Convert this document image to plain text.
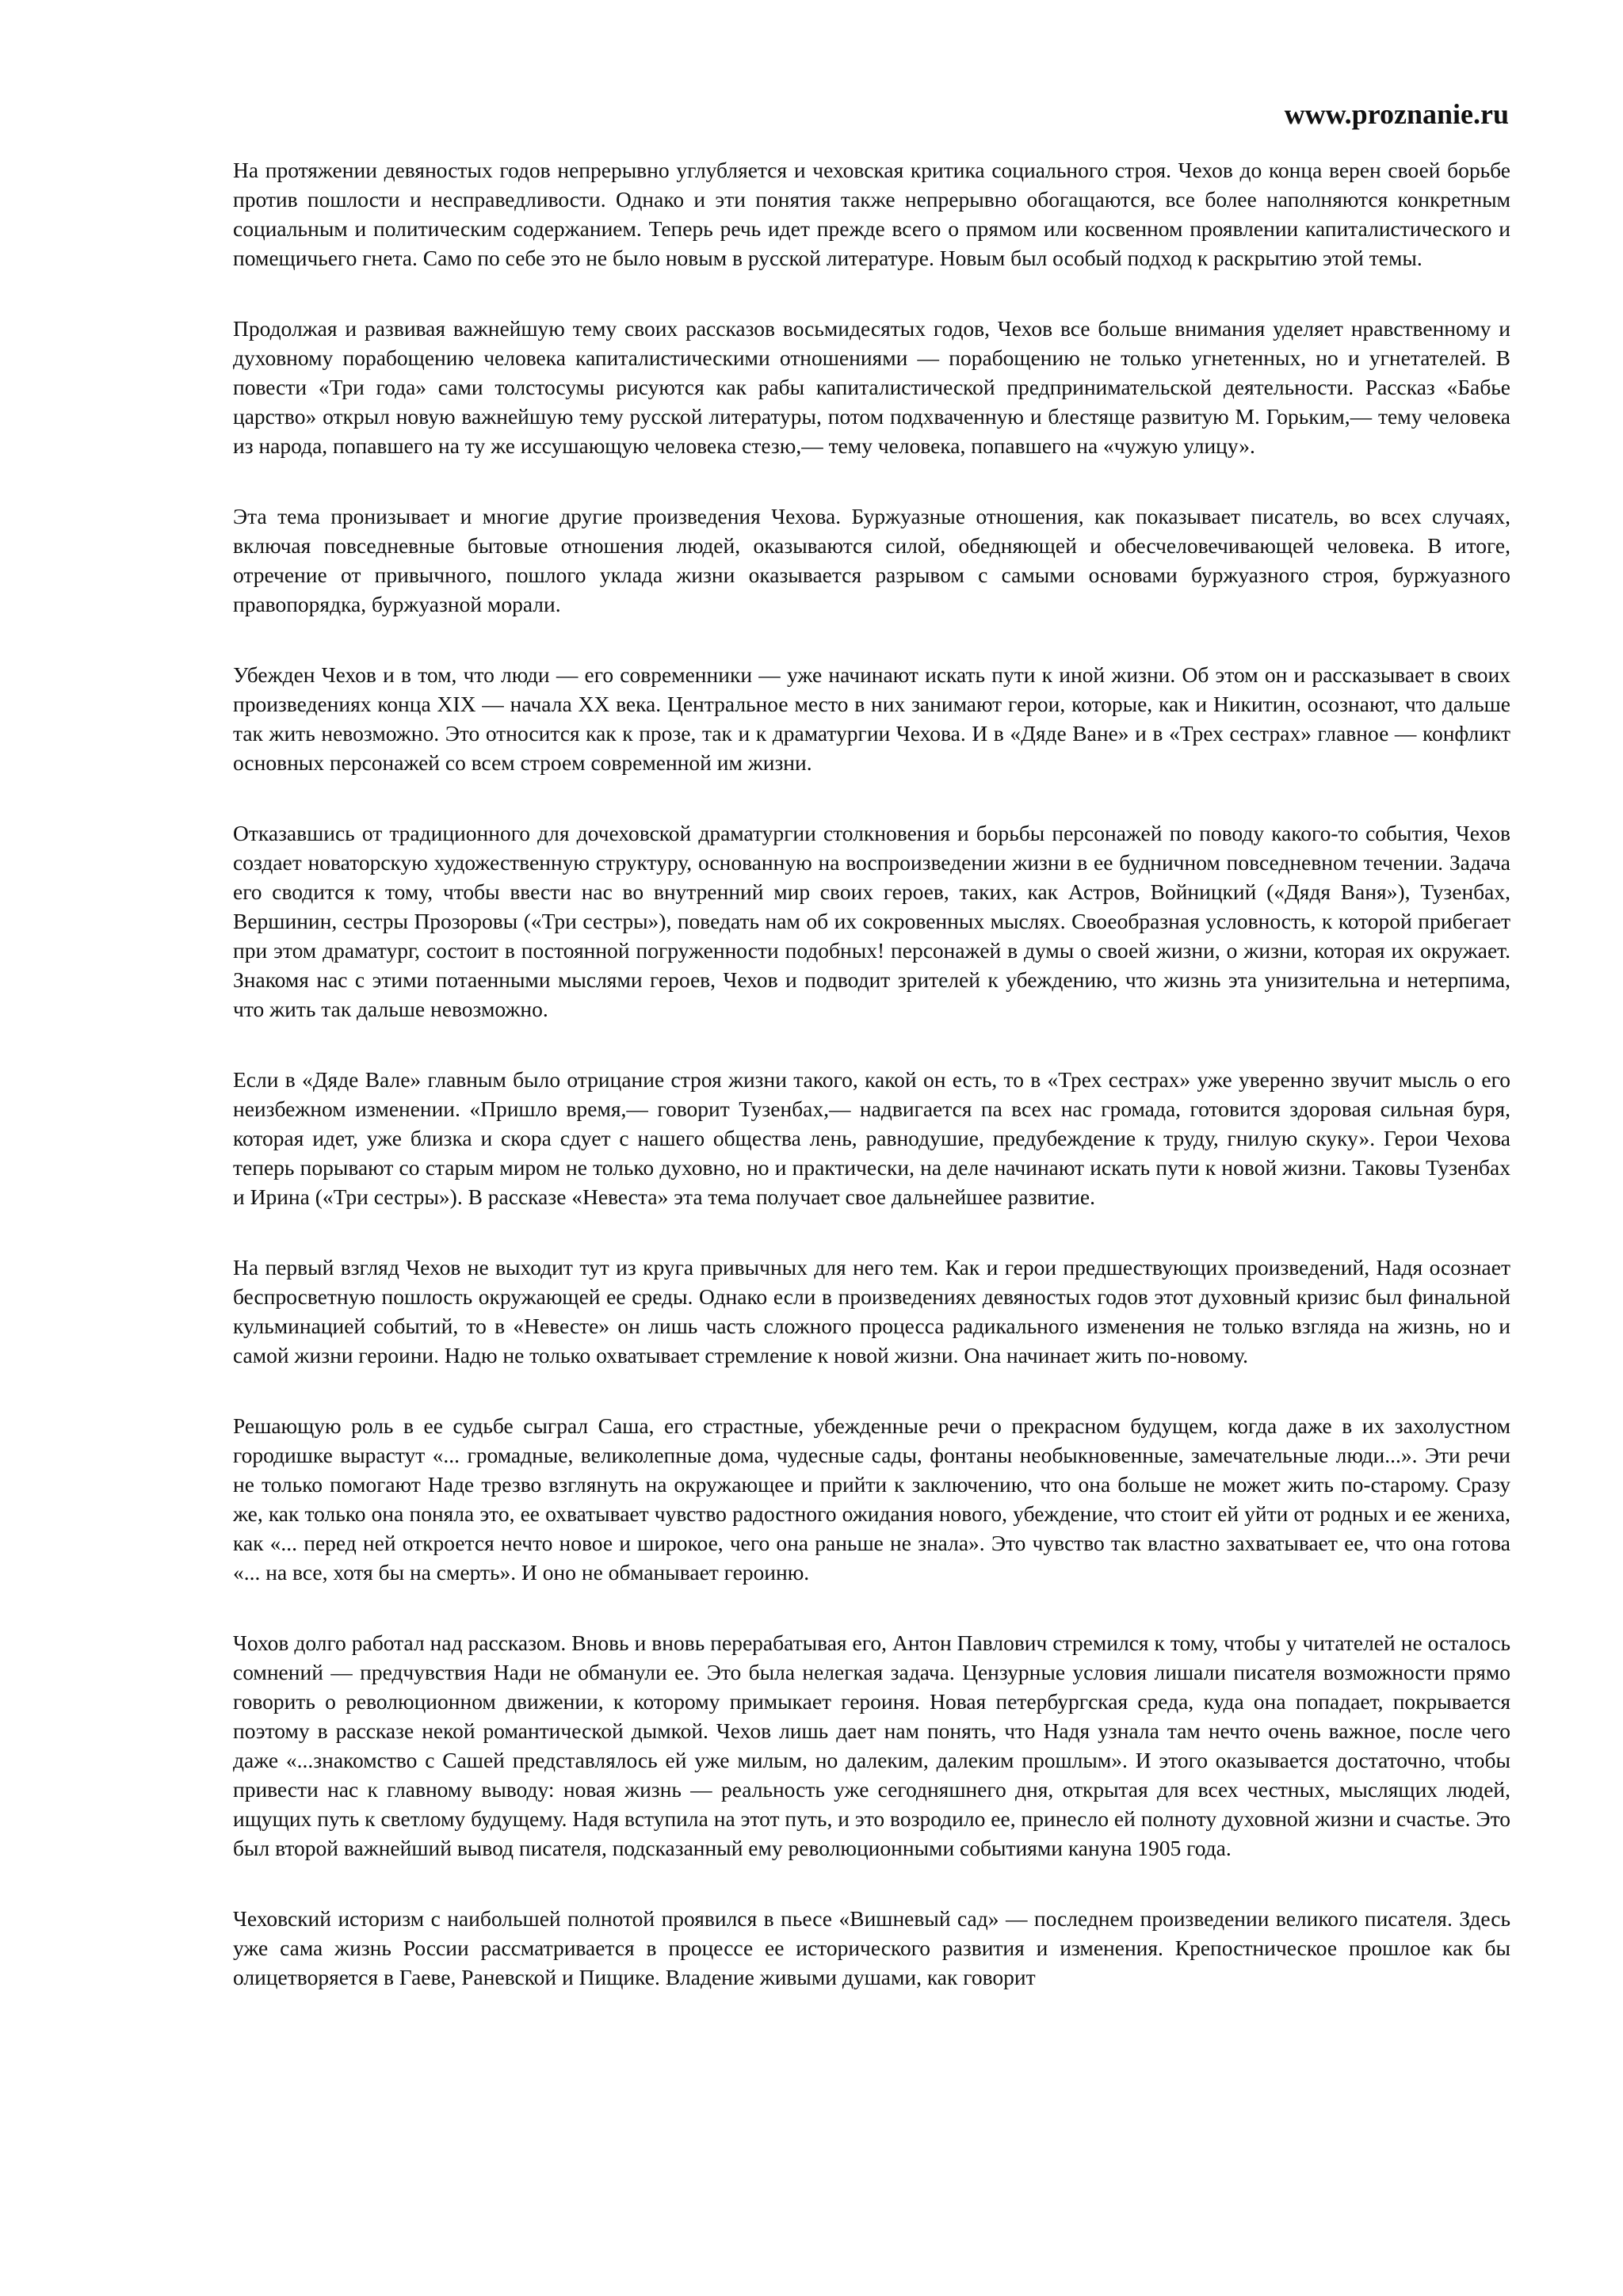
www.proznanie.ru

На протяжении девяностых годов непрерывно углубляется и чеховская критика социального строя. Чехов до конца верен своей борьбе против пошлости и несправедливости. Однако и эти понятия также непрерывно обогащаются, все более наполняются конкретным социальным и политическим содержанием. Теперь речь идет прежде всего о прямом или косвенном проявлении капиталистического и помещичьего гнета. Само по себе это не было новым в русской литературе. Новым был особый подход к раскрытию этой темы.

Продолжая и развивая важнейшую тему своих рассказов восьмидесятых годов, Чехов все больше внимания уделяет нравственному и духовному порабощению человека капиталистическими отношениями — порабощению не только угнетенных, но и угнетателей. В повести «Три года» сами толстосумы рисуются как рабы капиталистической предпринимательской деятельности. Рассказ «Бабье царство» открыл новую важнейшую тему русской литературы, потом подхваченную и блестяще развитую М. Горьким,— тему человека из народа, попавшего на ту же иссушающую человека стезю,— тему человека, попавшего на «чужую улицу».

Эта тема пронизывает и многие другие произведения Чехова. Буржуазные отношения, как показывает писатель, во всех случаях, включая повседневные бытовые отношения людей, оказываются силой, обедняющей и обесчеловечивающей человека. В итоге, отречение от привычного, пошлого уклада жизни оказывается разрывом с самыми основами буржуазного строя, буржуазного правопорядка, буржуазной морали.

Убежден Чехов и в том, что люди — его современники — уже начинают искать пути к иной жизни. Об этом он и рассказывает в своих произведениях конца XIX — начала XX века. Центральное место в них занимают герои, которые, как и Никитин, осознают, что дальше так жить невозможно. Это относится как к прозе, так и к драматургии Чехова. И в «Дяде Ване» и в «Трех сестрах» главное — конфликт основных персонажей со всем строем современной им жизни.

Отказавшись от традиционного для дочеховской драматургии столкновения и борьбы персонажей по поводу какого-то события, Чехов создает новаторскую художественную структуру, основанную на воспроизведении жизни в ее будничном повседневном течении. Задача его сводится к тому, чтобы ввести нас во внутренний мир своих героев, таких, как Астров, Войницкий («Дядя Ваня»), Тузенбах, Вершинин, сестры Прозоровы («Три сестры»), поведать нам об их сокровенных мыслях. Своеобразная условность, к которой прибегает при этом драматург, состоит в постоянной погруженности подобных! персонажей в думы о своей жизни, о жизни, которая их окружает. Знакомя нас с этими потаенными мыслями героев, Чехов и подводит зрителей к убеждению, что жизнь эта унизительна и нетерпима, что жить так дальше невозможно.

Если в «Дяде Вале» главным было отрицание строя жизни такого, какой он есть, то в «Трех сестрах» уже уверенно звучит мысль о его неизбежном изменении. «Пришло время,— говорит Тузенбах,— надвигается па всех нас громада, готовится здоровая сильная буря, которая идет, уже близка и скора сдует с нашего общества лень, равнодушие, предубеждение к труду, гнилую скуку». Герои Чехова теперь порывают со старым миром не только духовно, но и практически, на деле начинают искать пути к новой жизни. Таковы Тузенбах и Ирина («Три сестры»). В рассказе «Невеста» эта тема получает свое дальнейшее развитие.

На первый взгляд Чехов не выходит тут из круга привычных для него тем. Как и герои предшествующих произведений, Надя осознает беспросветную пошлость окружающей ее среды. Однако если в произведениях девяностых годов этот духовный кризис был финальной кульминацией событий, то в «Невесте» он лишь часть сложного процесса радикального изменения не только взгляда на жизнь, но и самой жизни героини. Надю не только охватывает стремление к новой жизни. Она начинает жить по-новому.

Решающую роль в ее судьбе сыграл Саша, его страстные, убежденные речи о прекрасном будущем, когда даже в их захолустном городишке вырастут «... громадные, великолепные дома, чудесные сады, фонтаны необыкновенные, замечательные люди...». Эти речи не только помогают Наде трезво взглянуть на окружающее и прийти к заключению, что она больше не может жить по-старому. Сразу же, как только она поняла это, ее охватывает чувство радостного ожидания нового, убеждение, что стоит ей уйти от родных и ее жениха, как «... перед ней откроется нечто новое и широкое, чего она раньше не знала». Это чувство так властно захватывает ее, что она готова «... на все, хотя бы на смерть». И оно не обманывает героиню.

Чохов долго работал над рассказом. Вновь и вновь перерабатывая его, Антон Павлович стремился к тому, чтобы у читателей не осталось сомнений — предчувствия Нади не обманули ее. Это была нелегкая задача. Цензурные условия лишали писателя возможности прямо говорить о революционном движении, к которому примыкает героиня. Новая петербургская среда, куда она попадает, покрывается поэтому в рассказе некой романтической дымкой. Чехов лишь дает нам понять, что Надя узнала там нечто очень важное, после чего даже «...знакомство с Сашей представлялось ей уже милым, но далеким, далеким прошлым». И этого оказывается достаточно, чтобы привести нас к главному выводу: новая жизнь — реальность уже сегодняшнего дня, открытая для всех честных, мыслящих людей, ищущих путь к светлому будущему. Надя вступила на этот путь, и это возродило ее, принесло ей полноту духовной жизни и счастье. Это был второй важнейший вывод писателя, подсказанный ему революционными событиями кануна 1905 года.

Чеховский историзм с наибольшей полнотой проявился в пьесе «Вишневый сад» — последнем произведении великого писателя. Здесь уже сама жизнь России рассматривается в процессе ее исторического развития и изменения. Крепостническое прошлое как бы олицетворяется в Гаеве, Раневской и Пищике. Владение живыми душами, как говорит
